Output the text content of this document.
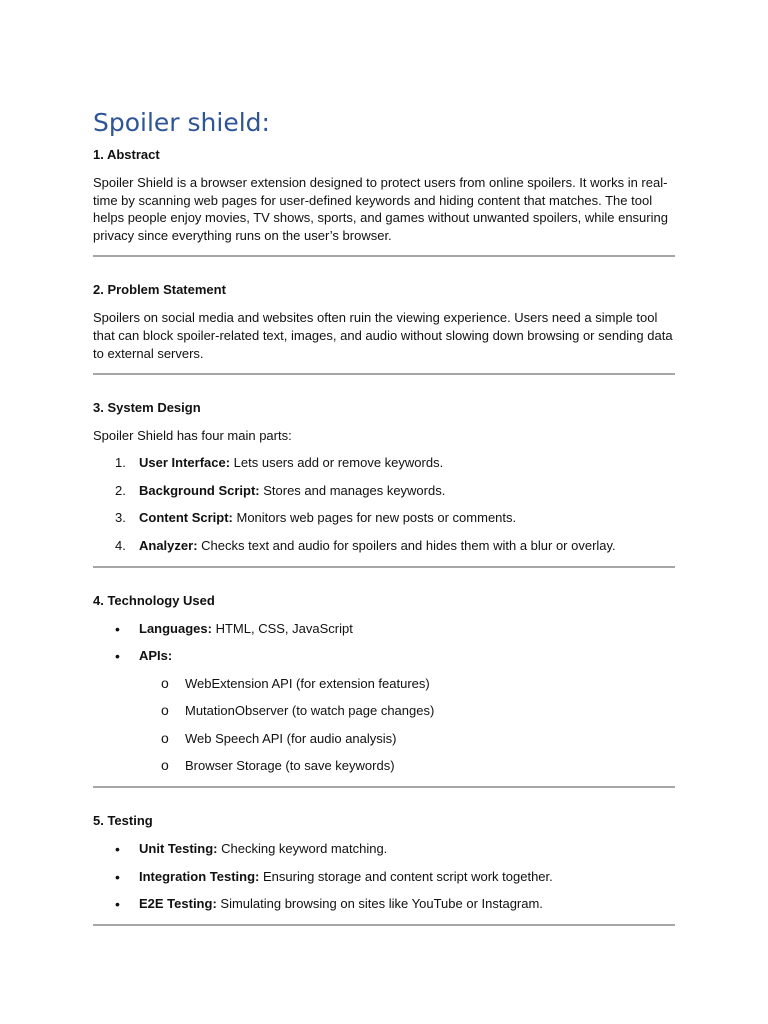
Spoiler shield:
1. Abstract

Spoiler Shield is a browser extension designed to protect users from online spoilers. It works in real-time by scanning web pages for user-defined keywords and hiding content that matches. The tool helps people enjoy movies, TV shows, sports, and games without unwanted spoilers, while ensuring privacy since everything runs on the user’s browser.

2. Problem Statement

Spoilers on social media and websites often ruin the viewing experience. Users need a simple tool that can block spoiler-related text, images, and audio without slowing down browsing or sending data to external servers.

3. System Design

Spoiler Shield has four main parts:

1.	User Interface: Lets users add or remove keywords.
2.	Background Script: Stores and manages keywords.
3.	Content Script: Monitors web pages for new posts or comments.
4.	Analyzer: Checks text and audio for spoilers and hides them with a blur or overlay.
4. Technology Used
•	Languages: HTML, CSS, JavaScript
•	APIs:
o	WebExtension API (for extension features)
o	MutationObserver (to watch page changes)
o	Web Speech API (for audio analysis)
o	Browser Storage (to save keywords)
5. Testing
•	Unit Testing: Checking keyword matching.
•	Integration Testing: Ensuring storage and content script work together.
•	E2E Testing: Simulating browsing on sites like YouTube or Instagram.
